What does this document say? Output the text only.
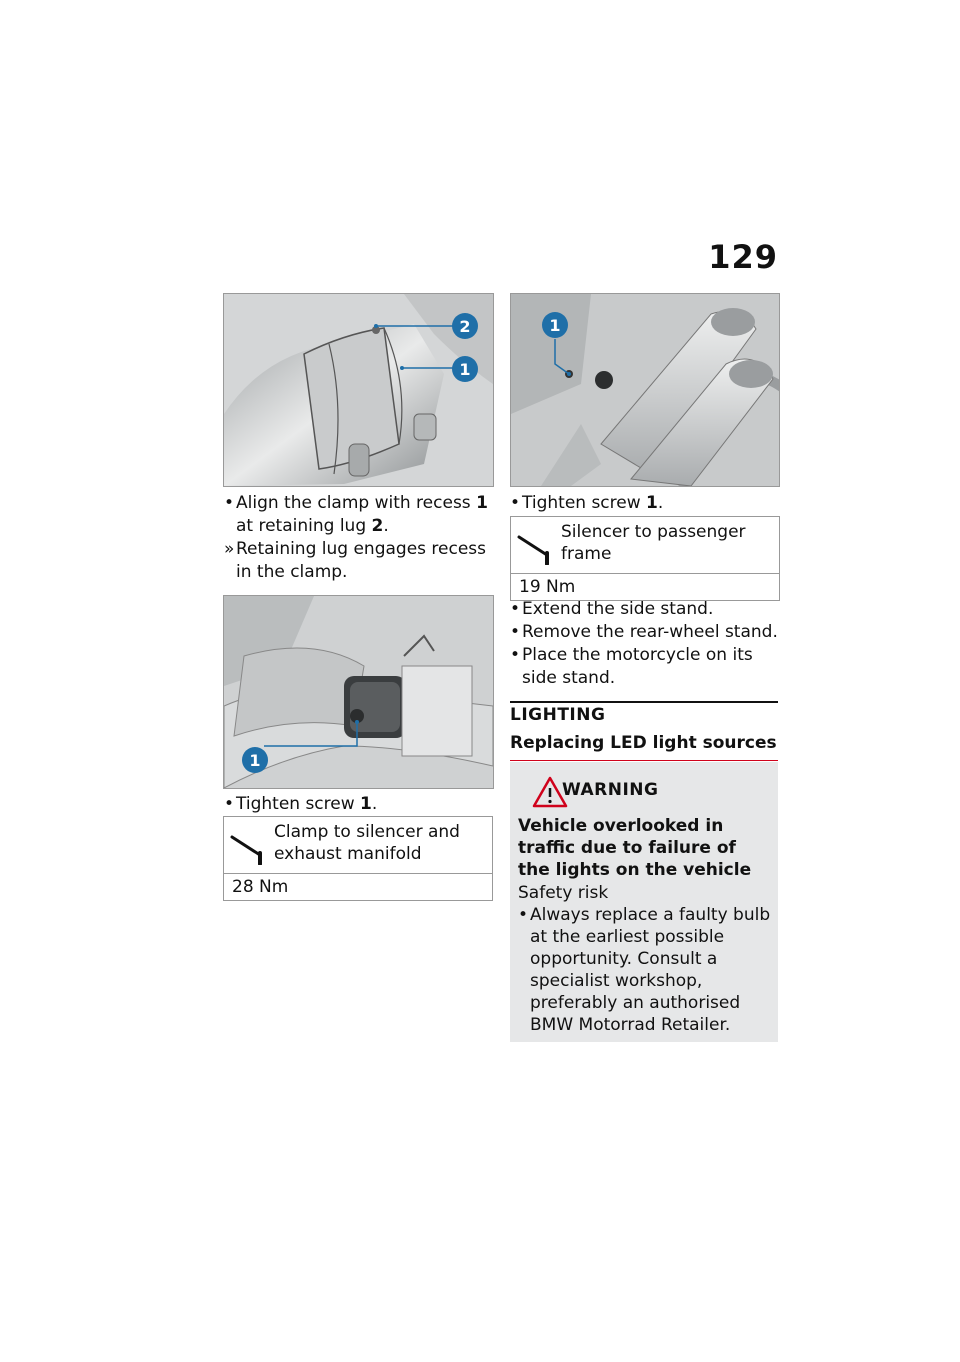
129
2
1
• Align the clamp with recess 1 at retaining lug 2.
» Retaining lug engages recess in the clamp.
1
• Tighten screw 1.
Clamp to silencer and exhaust manifold
28 Nm
1
• Tighten screw 1.
Silencer to passenger frame
19 Nm
• Extend the side stand.
• Remove the rear-wheel stand.
• Place the motorcycle on its side stand.
LIGHTING
Replacing LED light sources
WARNING
Vehicle overlooked in traffic due to failure of the lights on the vehicle
Safety risk
• Always replace a faulty bulb at the earliest possible opportunity. Consult a specialist workshop, preferably an authorised BMW Motorrad Retailer.
